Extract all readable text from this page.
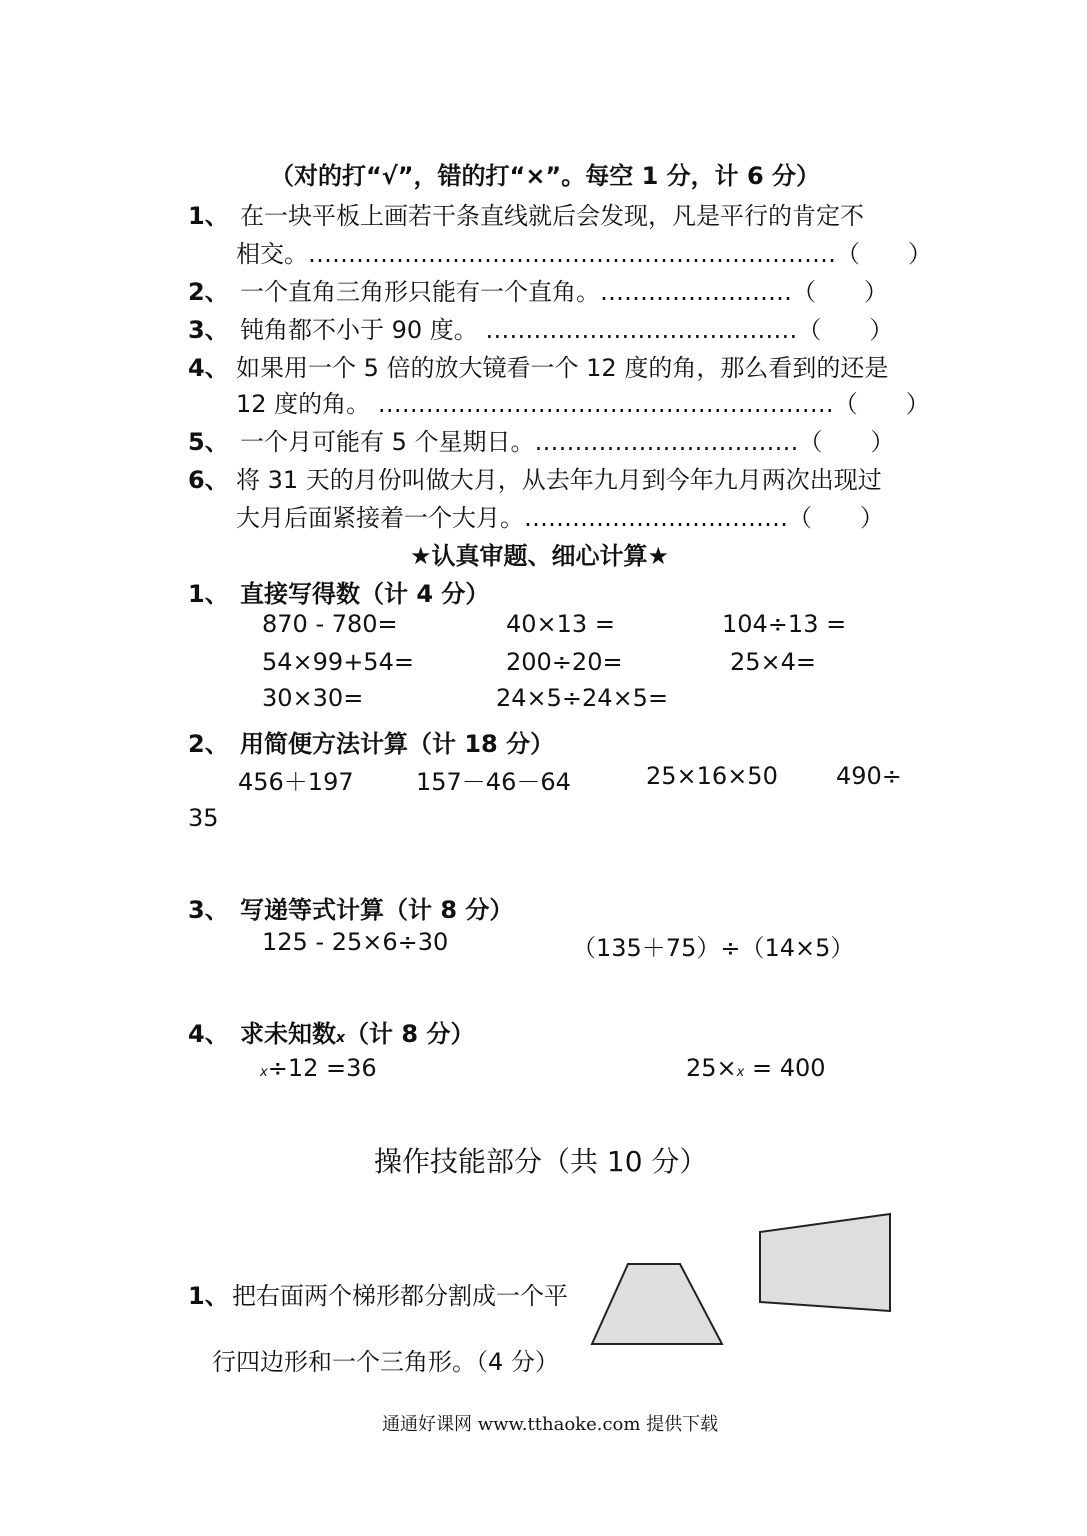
（对的打“√”，错的打“×”。每空 1 分，计 6 分）
1、 在一块平板上画若干条直线就后会发现，凡是平行的肯定不
相交。…………………………………………………………（　　）
2、 一个直角三角形只能有一个直角。……………………（　　）
3、 钝角都不小于 90 度。 …………………………………（　　）
4、 如果用一个 5 倍的放大镜看一个 12 度的角，那么看到的还是
12 度的角。 …………………………………………………（　　）
5、 一个月可能有 5 个星期日。……………………………（　　）
6、 将 31 天的月份叫做大月，从去年九月到今年九月两次出现过
大月后面紧接着一个大月。……………………………（　　）
★认真审题、细心计算★
1、 直接写得数（计 4 分）
870 - 780=	40×13 =	104÷13 =
54×99+54=	200÷20=	25×4=
30×30=	24×5÷24×5=
2、 用简便方法计算（计 18 分）
456＋197	157－46－64	25×16×50 490÷
35
3、 写递等式计算（计 8 分）
125 - 25×6÷30	（135＋75）÷（14×5）
4、 求未知数x（计 8 分）
x÷12 =36	25×x = 400
操作技能部分（共 10 分）
1、 把右面两个梯形都分割成一个平
行四边形和一个三角形。（4 分）
通通好课网 www.tthaoke.com 提供下载
